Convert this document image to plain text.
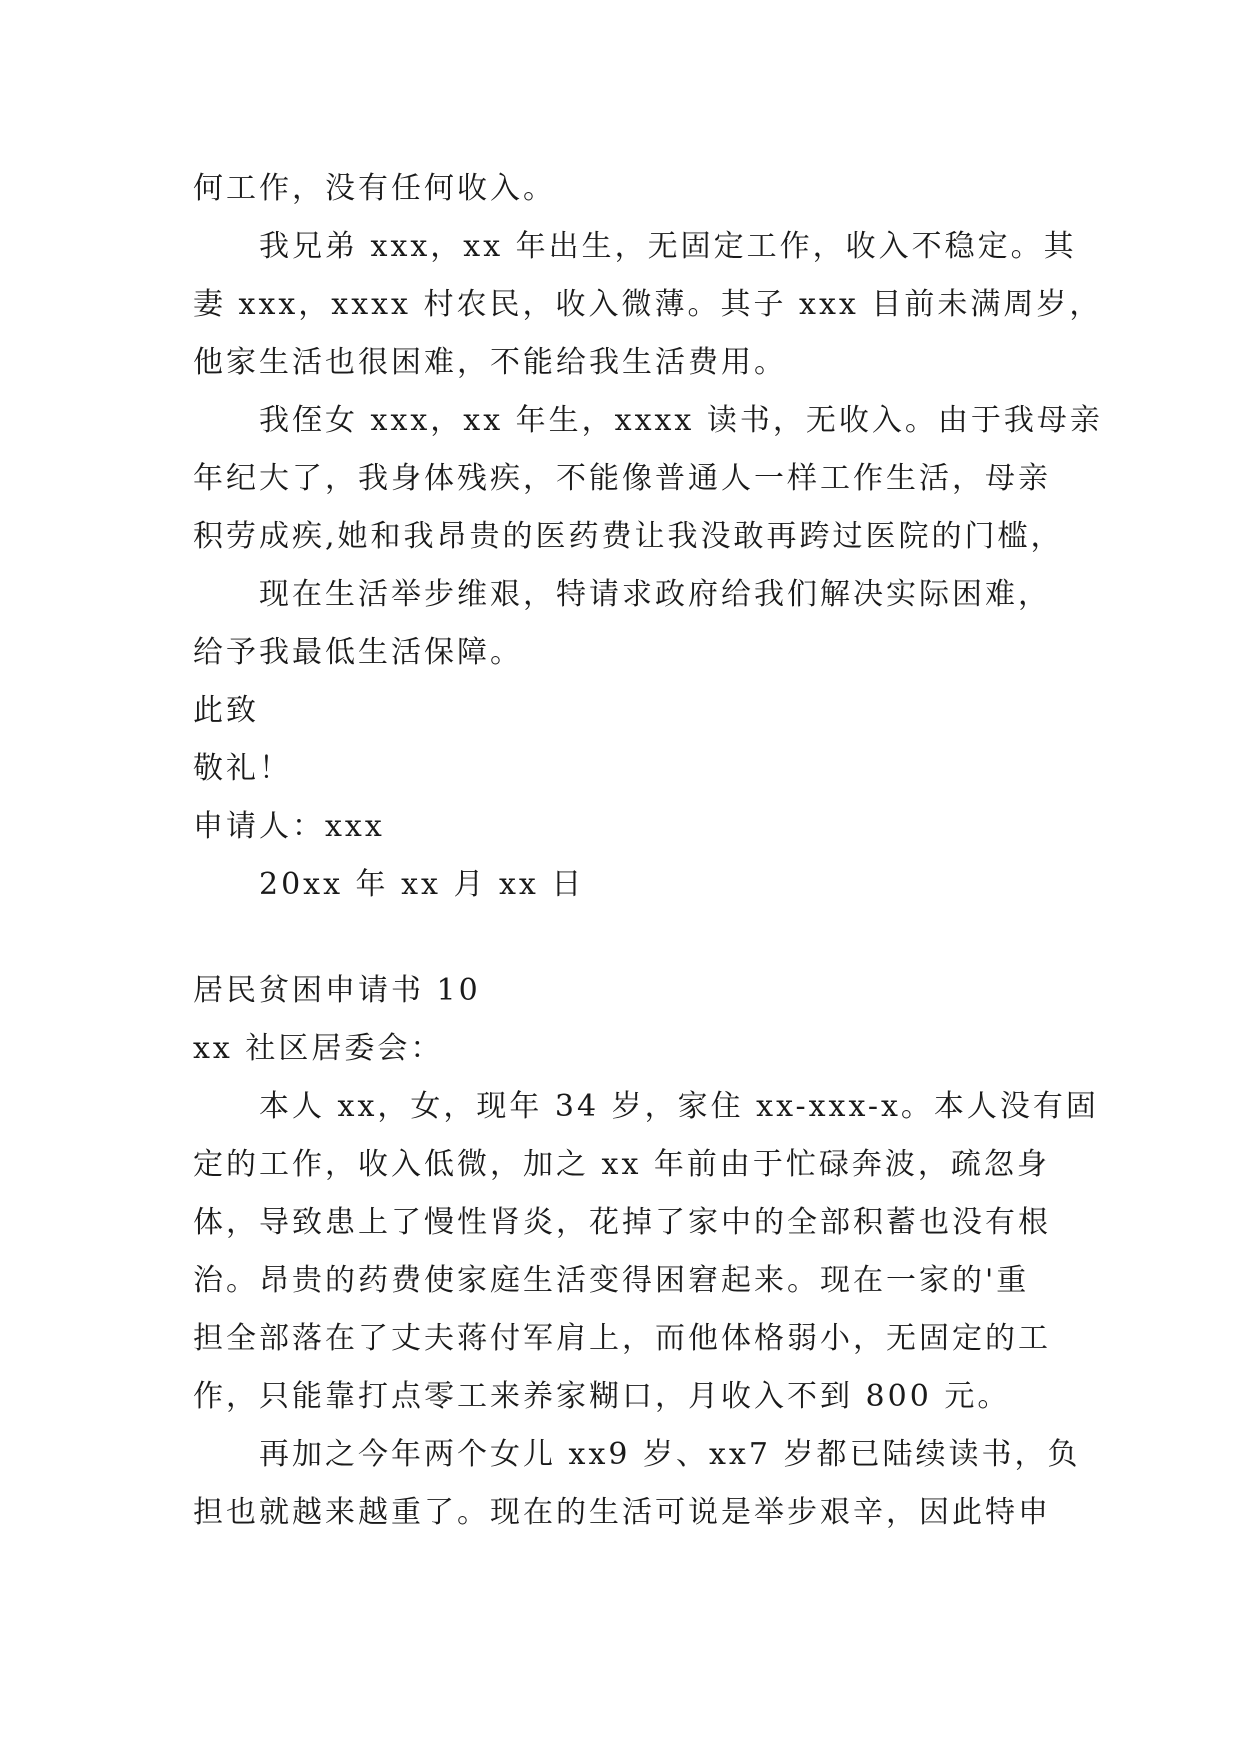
何工作，没有任何收入。
我兄弟 xxx，xx 年出生，无固定工作，收入不稳定。其
妻 xxx，xxxx 村农民，收入微薄。其子 xxx 目前未满周岁，
他家生活也很困难，不能给我生活费用。
我侄女 xxx，xx 年生，xxxx 读书，无收入。由于我母亲
年纪大了，我身体残疾，不能像普通人一样工作生活，母亲
积劳成疾,她和我昂贵的医药费让我没敢再跨过医院的门槛，
现在生活举步维艰，特请求政府给我们解决实际困难，
给予我最低生活保障。
此致
敬礼！
申请人：xxx
20xx 年 xx 月 xx 日
居民贫困申请书 10
xx 社区居委会：
本人 xx，女，现年 34 岁，家住 xx-xxx-x。本人没有固
定的工作，收入低微，加之 xx 年前由于忙碌奔波，疏忽身
体，导致患上了慢性肾炎，花掉了家中的全部积蓄也没有根
治。昂贵的药费使家庭生活变得困窘起来。现在一家的'重
担全部落在了丈夫蒋付军肩上，而他体格弱小，无固定的工
作，只能靠打点零工来养家糊口，月收入不到 800 元。
再加之今年两个女儿 xx9 岁、xx7 岁都已陆续读书，负
担也就越来越重了。现在的生活可说是举步艰辛，因此特申
